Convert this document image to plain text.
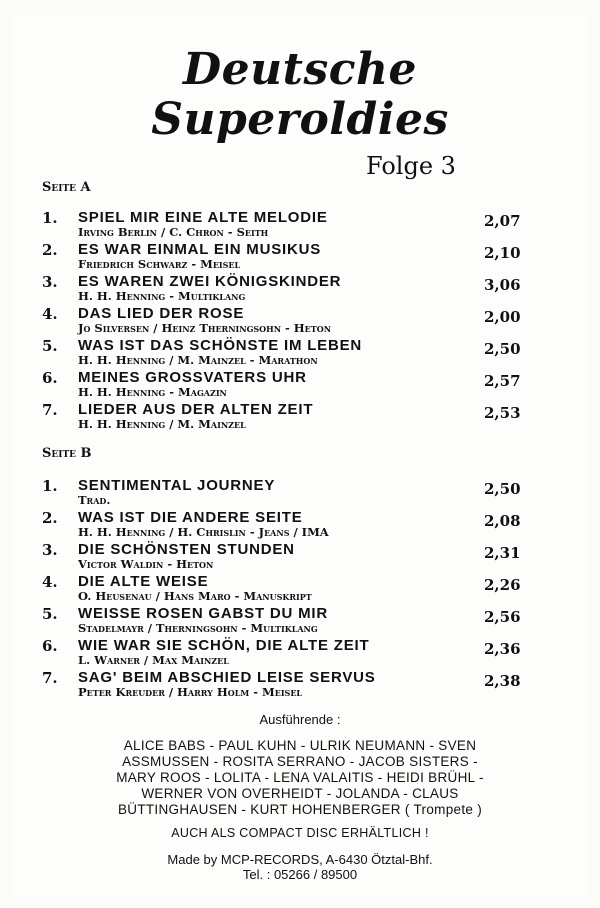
Deutsche
Superoldies
Folge 3
Seite A
1. SPIEL MIR EINE ALTE MELODIE
Irving Berlin / C. Chron - Seith
2,07
2. ES WAR EINMAL EIN MUSIKUS
Friedrich Schwarz - Meisel
2,10
3. ES WAREN ZWEI KÖNIGSKINDER
H. H. Henning - Multiklang
3,06
4. DAS LIED DER ROSE
Jo Silversen / Heinz Therningsohn - Heton
2,00
5. WAS IST DAS SCHÖNSTE IM LEBEN
H. H. Henning / M. Mainzel - Marathon
2,50
6. MEINES GROSSVATERS UHR
H. H. Henning - Magazin
2,57
7. LIEDER AUS DER ALTEN ZEIT
H. H. Henning / M. Mainzel
2,53
Seite B
1. SENTIMENTAL JOURNEY
Trad.
2,50
2. WAS IST DIE ANDERE SEITE
H. H. Henning / H. Chrislin - Jeans / IMA
2,08
3. DIE SCHÖNSTEN STUNDEN
Victor Waldin - Heton
2,31
4. DIE ALTE WEISE
O. Heusenau / Hans Maro - Manuskript
2,26
5. WEISSE ROSEN GABST DU MIR
Stadelmayr / Therningsohn - Multiklang
2,56
6. WIE WAR SIE SCHÖN, DIE ALTE ZEIT
L. Warner / Max Mainzel
2,36
7. SAG' BEIM ABSCHIED LEISE SERVUS
Peter Kreuder / Harry Holm - Meisel
2,38
Ausführende :
ALICE BABS - PAUL KUHN - ULRIK NEUMANN - SVEN
ASSMUSSEN - ROSITA SERRANO - JACOB SISTERS -
MARY ROOS - LOLITA - LENA VALAITIS - HEIDI BRÜHL -
WERNER VON OVERHEIDT - JOLANDA - CLAUS
BÜTTINGHAUSEN - KURT HOHENBERGER ( Trompete )
AUCH ALS COMPACT DISC ERHÄLTLICH !
Made by MCP-RECORDS, A-6430 Ötztal-Bhf.
Tel. : 05266 / 89500
